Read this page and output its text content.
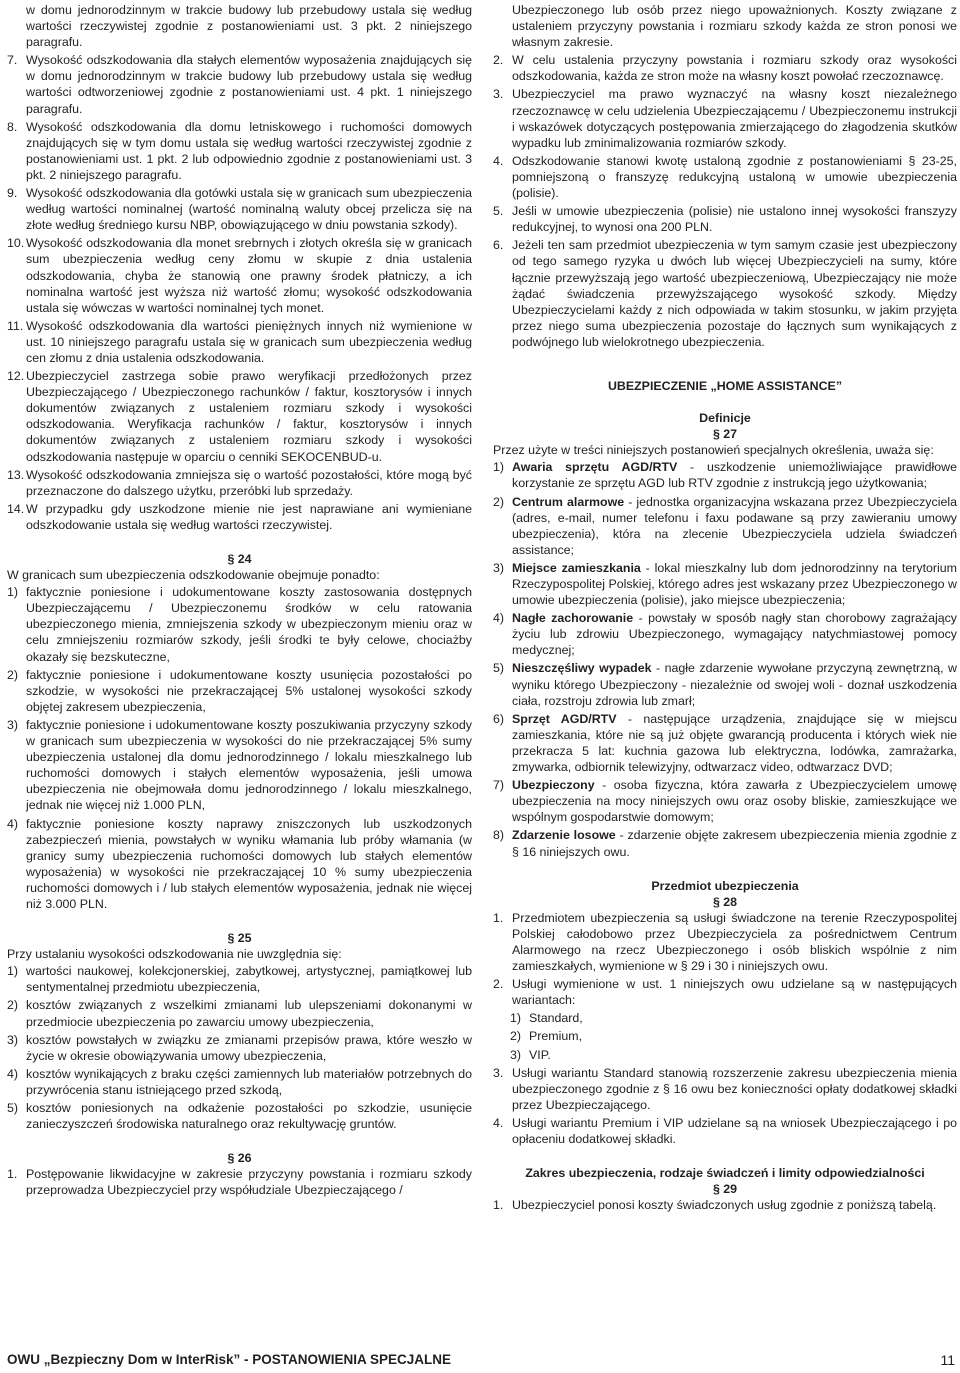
w domu jednorodzinnym w trakcie budowy lub przebudowy ustala się według wartości rzeczywistej zgodnie z postanowieniami ust. 3 pkt. 2 niniejszego paragrafu.
7. Wysokość odszkodowania dla stałych elementów wyposażenia znajdujących się w domu jednorodzinnym w trakcie budowy lub przebudowy ustala się według wartości odtworzeniowej zgodnie z postanowieniami ust. 4 pkt. 1 niniejszego paragrafu.
8. Wysokość odszkodowania dla domu letniskowego i ruchomości domowych znajdujących się w tym domu ustala się według wartości rzeczywistej zgodnie z postanowieniami ust. 1 pkt. 2 lub odpowiednio zgodnie z postanowieniami ust. 3 pkt. 2 niniejszego paragrafu.
9. Wysokość odszkodowania dla gotówki ustala się w granicach sum ubezpieczenia według wartości nominalnej (wartość nominalną waluty obcej przelicza się na złote według średniego kursu NBP, obowiązującego w dniu powstania szkody).
10. Wysokość odszkodowania dla monet srebrnych i złotych określa się w granicach sum ubezpieczenia według ceny złomu w skupie z dnia ustalenia odszkodowania, chyba że stanowią one prawny środek płatniczy, a ich nominalna wartość jest wyższa niż wartość złomu; wysokość odszkodowania ustala się wówczas w wartości nominalnej tych monet.
11. Wysokość odszkodowania dla wartości pieniężnych innych niż wymienione w ust. 10 niniejszego paragrafu ustala się w granicach sum ubezpieczenia według cen złomu z dnia ustalenia odszkodowania.
12. Ubezpieczyciel zastrzega sobie prawo weryfikacji przedłożonych przez Ubezpieczającego / Ubezpieczonego rachunków / faktur, kosztorysów i innych dokumentów związanych z ustaleniem rozmiaru szkody i wysokości odszkodowania. Weryfikacja rachunków / faktur, kosztorysów i innych dokumentów związanych z ustaleniem rozmiaru szkody i wysokości odszkodowania następuje w oparciu o cenniki SEKOCENBUD-u.
13. Wysokość odszkodowania zmniejsza się o wartość pozostałości, które mogą być przeznaczone do dalszego użytku, przeróbki lub sprzedaży.
14. W przypadku gdy uszkodzone mienie nie jest naprawiane ani wymieniane odszkodowanie ustala się według wartości rzeczywistej.

§ 24

W granicach sum ubezpieczenia odszkodowanie obejmuje ponadto:

1) faktycznie poniesione i udokumentowane koszty zastosowania dostępnych Ubezpieczającemu / Ubezpieczonemu środków w celu ratowania ubezpieczonego mienia, zmniejszenia szkody w ubezpieczonym mieniu oraz w celu zmniejszeniu rozmiarów szkody, jeśli środki te były celowe, chociażby okazały się bezskuteczne,
2) faktycznie poniesione i udokumentowane koszty usunięcia pozostałości po szkodzie, w wysokości nie przekraczającej 5% ustalonej wysokości szkody objętej zakresem ubezpieczenia,
3) faktycznie poniesione i udokumentowane koszty poszukiwania przyczyny szkody w granicach sum ubezpieczenia w wysokości do nie przekraczającej 5% sumy ubezpieczenia ustalonej dla domu jednorodzinnego / lokalu mieszkalnego lub ruchomości domowych i stałych elementów wyposażenia, jeśli umowa ubezpieczenia nie obejmowała domu jednorodzinnego / lokalu mieszkalnego, jednak nie więcej niż 1.000 PLN,
4) faktycznie poniesione koszty naprawy zniszczonych lub uszkodzonych zabezpieczeń mienia, powstałych w wyniku włamania lub próby włamania (w granicy sumy ubezpieczenia ruchomości domowych lub stałych elementów wyposażenia) w wysokości nie przekraczającej 10 % sumy ubezpieczenia ruchomości domowych i / lub stałych elementów wyposażenia, jednak nie więcej niż 3.000 PLN.

§ 25

Przy ustalaniu wysokości odszkodowania nie uwzględnia się:

1) wartości naukowej, kolekcjonerskiej, zabytkowej, artystycznej, pamiątkowej lub sentymentalnej przedmiotu ubezpieczenia,
2) kosztów związanych z wszelkimi zmianami lub ulepszeniami dokonanymi w przedmiocie ubezpieczenia po zawarciu umowy ubezpieczenia,
3) kosztów powstałych w związku ze zmianami przepisów prawa, które weszło w życie w okresie obowiązywania umowy ubezpieczenia,
4) kosztów wynikających z braku części zamiennych lub materiałów potrzebnych do przywrócenia stanu istniejącego przed szkodą,
5) kosztów poniesionych na odkażenie pozostałości po szkodzie, usunięcie zanieczyszczeń środowiska naturalnego oraz rekultywację gruntów.

§ 26

1. Postępowanie likwidacyjne w zakresie przyczyny powstania i rozmiaru szkody przeprowadza Ubezpieczyciel przy współudziale Ubezpieczającego /
Ubezpieczonego lub osób przez niego upoważnionych. Koszty związane z ustaleniem przyczyny powstania i rozmiaru szkody każda ze stron ponosi we własnym zakresie.
2. W celu ustalenia przyczyny powstania i rozmiaru szkody oraz wysokości odszkodowania, każda ze stron może na własny koszt powołać rzeczoznawcę.
3. Ubezpieczyciel ma prawo wyznaczyć na własny koszt niezależnego rzeczoznawcę w celu udzielenia Ubezpieczającemu / Ubezpieczonemu instrukcji i wskazówek dotyczących postępowania zmierzającego do złagodzenia skutków wypadku lub zminimalizowania rozmiarów szkody.
4. Odszkodowanie stanowi kwotę ustaloną zgodnie z postanowieniami § 23-25, pomniejszoną o franszyzę redukcyjną ustaloną w umowie ubezpieczenia (polisie).
5. Jeśli w umowie ubezpieczenia (polisie) nie ustalono innej wysokości franszyzy redukcyjnej, to wynosi ona 200 PLN.
6. Jeżeli ten sam przedmiot ubezpieczenia w tym samym czasie jest ubezpieczony od tego samego ryzyka u dwóch lub więcej Ubezpieczycieli na sumy, które łącznie przewyższają jego wartość ubezpieczeniową, Ubezpieczający nie może żądać świadczenia przewyższającego wysokość szkody. Między Ubezpieczycielami każdy z nich odpowiada w takim stosunku, w jakim przyjęta przez niego suma ubezpieczenia pozostaje do łącznych sum wynikających z podwójnego lub wielokrotnego ubezpieczenia.

UBEZPIECZENIE „HOME ASSISTANCE”

Definicje

§ 27

Przez użyte w treści niniejszych postanowień specjalnych określenia, uważa się:

1) Awaria sprzętu AGD/RTV - uszkodzenie uniemożliwiające prawidłowe korzystanie ze sprzętu AGD lub RTV zgodnie z instrukcją jego użytkowania;
2) Centrum alarmowe - jednostka organizacyjna wskazana przez Ubezpieczyciela (adres, e-mail, numer telefonu i faxu podawane są przy zawieraniu umowy ubezpieczenia), która na zlecenie Ubezpieczyciela udziela świadczeń assistance;
3) Miejsce zamieszkania - lokal mieszkalny lub dom jednorodzinny na terytorium Rzeczypospolitej Polskiej, którego adres jest wskazany przez Ubezpieczonego w umowie ubezpieczenia (polisie), jako miejsce ubezpieczenia;
4) Nagłe zachorowanie - powstały w sposób nagły stan chorobowy zagrażający życiu lub zdrowiu Ubezpieczonego, wymagający natychmiastowej pomocy medycznej;
5) Nieszczęśliwy wypadek - nagłe zdarzenie wywołane przyczyną zewnętrzną, w wyniku którego Ubezpieczony - niezależnie od swojej woli - doznał uszkodzenia ciała, rozstroju zdrowia lub zmarł;
6) Sprzęt AGD/RTV - następujące urządzenia, znajdujące się w miejscu zamieszkania, które nie są już objęte gwarancją producenta i których wiek nie przekracza 5 lat: kuchnia gazowa lub elektryczna, lodówka, zamrażarka, zmywarka, odbiornik telewizyjny, odtwarzacz video, odtwarzacz DVD;
7) Ubezpieczony - osoba fizyczna, która zawarła z Ubezpieczycielem umowę ubezpieczenia na mocy niniejszych owu oraz osoby bliskie, zamieszkujące we wspólnym gospodarstwie domowym;
8) Zdarzenie losowe - zdarzenie objęte zakresem ubezpieczenia mienia zgodnie z § 16 niniejszych owu.

Przedmiot ubezpieczenia

§ 28

1. Przedmiotem ubezpieczenia są usługi świadczone na terenie Rzeczypospolitej Polskiej całodobowo przez Ubezpieczyciela za pośrednictwem Centrum Alarmowego na rzecz Ubezpieczonego i osób bliskich wspólnie z nim zamieszkałych, wymienione w § 29 i 30 i niniejszych owu.
2. Usługi wymienione w ust. 1 niniejszych owu udzielane są w następujących wariantach:
1) Standard,
2) Premium,
3) VIP.
3. Usługi wariantu Standard stanowią rozszerzenie zakresu ubezpieczenia mienia ubezpieczonego zgodnie z § 16 owu bez konieczności opłaty dodatkowej składki przez Ubezpieczającego.
4. Usługi wariantu Premium i VIP udzielane są na wniosek Ubezpieczającego i po opłaceniu dodatkowej składki.

Zakres ubezpieczenia, rodzaje świadczeń i limity odpowiedzialności

§ 29

1. Ubezpieczyciel ponosi koszty świadczonych usług zgodnie z poniższą tabelą.
OWU „Bezpieczny Dom w InterRisk” - POSTANOWIENIA SPECJALNE	11
